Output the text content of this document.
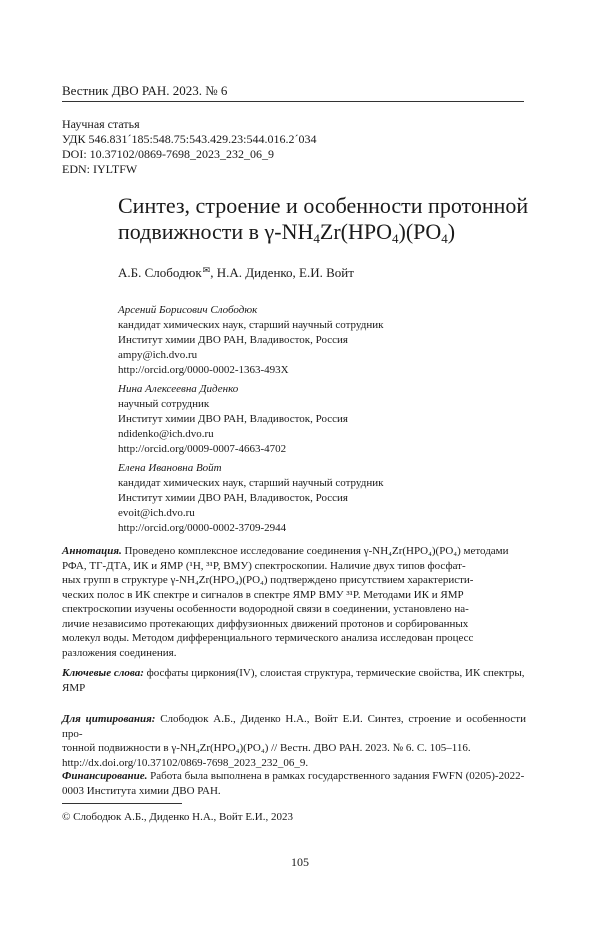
Вестник ДВО РАН. 2023. № 6
Научная статья
УДК 546.831´185:548.75:543.429.23:544.016.2´034
DOI: 10.37102/0869-7698_2023_232_06_9
EDN: IYLTFW
Синтез, строение и особенности протонной
подвижности в $\gamma-NH_4Zr(HPO_4)(PO_4)$
А.Б. Слободюк✉, Н.А. Диденко, Е.И. Войт
Арсений Борисович Слободюк
кандидат химических наук, старший научный сотрудник
Институт химии ДВО РАН, Владивосток, Россия
ampy@ich.dvo.ru
http://orcid.org/0000-0002-1363-493X
Нина Алексеевна Диденко
научный сотрудник
Институт химии ДВО РАН, Владивосток, Россия
ndidenko@ich.dvo.ru
http://orcid.org/0009-0007-4663-4702
Елена Ивановна Войт
кандидат химических наук, старший научный сотрудник
Институт химии ДВО РАН, Владивосток, Россия
evoit@ich.dvo.ru
http://orcid.org/0000-0002-3709-2944
Аннотация. Проведено комплексное исследование соединения γ-NH₄Zr(HPO₄)(PO₄) методами
РФА, ТГ-ДТА, ИК и ЯМР (¹H, ³¹P, ВМУ) спектроскопии. Наличие двух типов фосфат-
ных групп в структуре γ-NH₄Zr(HPO₄)(PO₄) подтверждено присутствием характеристи-
ческих полос в ИК спектре и сигналов в спектре ЯМР ВМУ ³¹P. Методами ИК и ЯМР
спектроскопии изучены особенности водородной связи в соединении, установлено на-
личие независимо протекающих диффузионных движений протонов и сорбированных
молекул воды. Методом дифференциального термического анализа исследован процесс
разложения соединения.
Ключевые слова: фосфаты циркония(IV), слоистая структура, термические свойства, ИК спектры,
ЯМР
Для цитирования: Слободюк А.Б., Диденко Н.А., Войт Е.И. Синтез, строение и особенности про-
тонной подвижности в γ-NH₄Zr(HPO₄)(PO₄) // Вестн. ДВО РАН. 2023. № 6. С. 105–116.
http://dx.doi.org/10.37102/0869-7698_2023_232_06_9.
Финансирование. Работа была выполнена в рамках государственного задания FWFN (0205)-2022-
0003 Института химии ДВО РАН.
© Слободюк А.Б., Диденко Н.А., Войт Е.И., 2023
105
